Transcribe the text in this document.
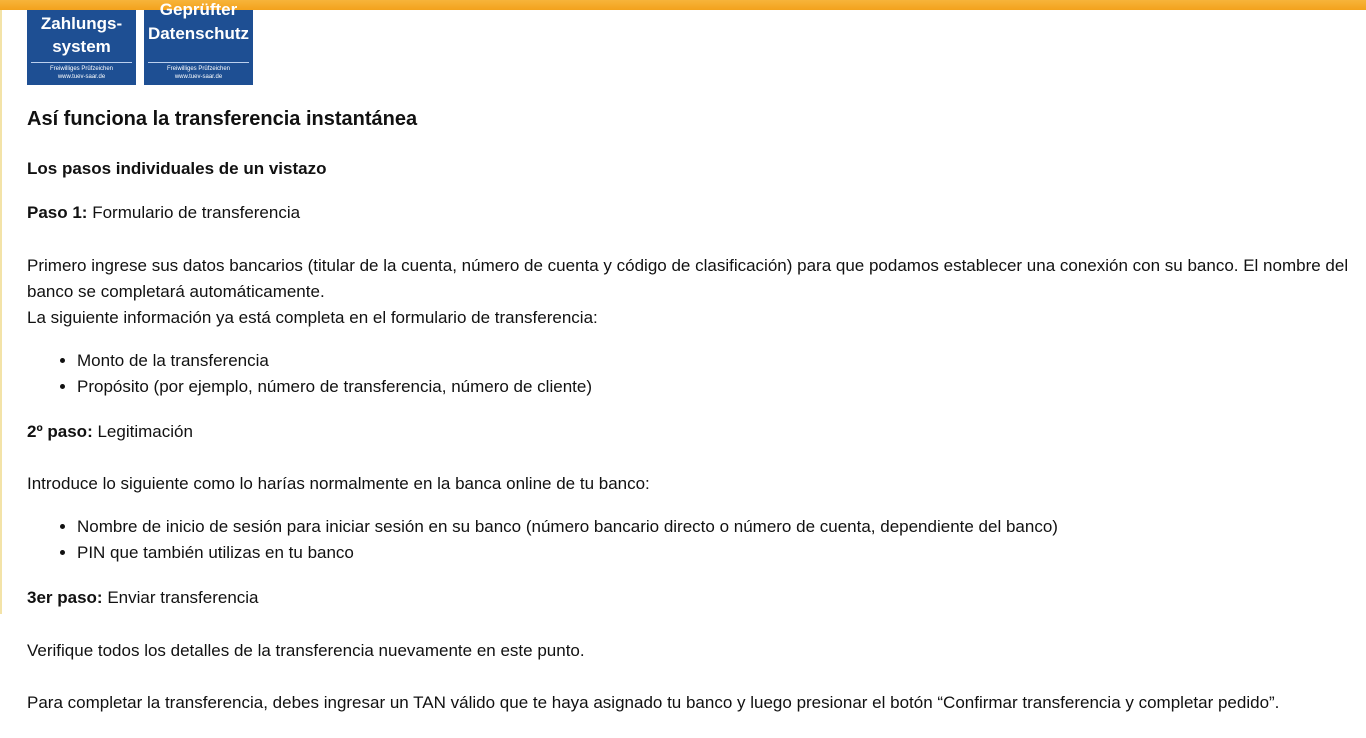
Zahlungs-
system
Freiwilliges Prüfzeichen
www.tuev-saar.de
Geprüfter
Datenschutz
Freiwilliges Prüfzeichen
www.tuev-saar.de
Así funciona la transferencia instantánea
Los pasos individuales de un vistazo

Paso 1: Formulario de transferencia

Primero ingrese sus datos bancarios (titular de la cuenta, número de cuenta y código de clasificación) para que podamos establecer una conexión con su banco. El nombre del banco se completará automáticamente.

La siguiente información ya está completa en el formulario de transferencia:

• Monto de la transferencia
• Propósito (por ejemplo, número de transferencia, número de cliente)

2º paso: Legitimación

Introduce lo siguiente como lo harías normalmente en la banca online de tu banco:

• Nombre de inicio de sesión para iniciar sesión en su banco (número bancario directo o número de cuenta, dependiente del banco)
• PIN que también utilizas en tu banco

3er paso: Enviar transferencia

Verifique todos los detalles de la transferencia nuevamente en este punto.

Para completar la transferencia, debes ingresar un TAN válido que te haya asignado tu banco y luego presionar el botón “Confirmar transferencia y completar pedido”.
